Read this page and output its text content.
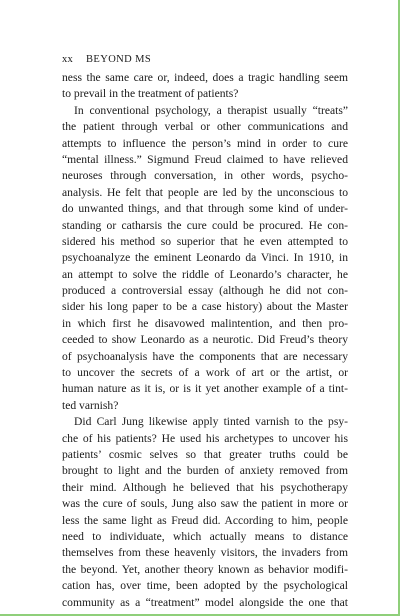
xx BEYOND MS
ness the same care or, indeed, does a tragic handling seem
to prevail in the treatment of patients?
In conventional psychology, a therapist usually “treats”
the patient through verbal or other communications and
attempts to influence the person’s mind in order to cure
“mental illness.” Sigmund Freud claimed to have relieved
neuroses through conversation, in other words, psycho-
analysis. He felt that people are led by the unconscious to
do unwanted things, and that through some kind of under-
standing or catharsis the cure could be procured. He con-
sidered his method so superior that he even attempted to
psychoanalyze the eminent Leonardo da Vinci. In 1910, in
an attempt to solve the riddle of Leonardo’s character, he
produced a controversial essay (although he did not con-
sider his long paper to be a case history) about the Master
in which first he disavowed malintention, and then pro-
ceeded to show Leonardo as a neurotic. Did Freud’s theory
of psychoanalysis have the components that are necessary
to uncover the secrets of a work of art or the artist, or
human nature as it is, or is it yet another example of a tint-
ted varnish?
Did Carl Jung likewise apply tinted varnish to the psy-
che of his patients? He used his archetypes to uncover his
patients’ cosmic selves so that greater truths could be
brought to light and the burden of anxiety removed from
their mind. Although he believed that his psychotherapy
was the cure of souls, Jung also saw the patient in more or
less the same light as Freud did. According to him, people
need to individuate, which actually means to distance
themselves from these heavenly visitors, the invaders from
the beyond. Yet, another theory known as behavior modifi-
cation has, over time, been adopted by the psychological
community as a “treatment” model alongside the one that
